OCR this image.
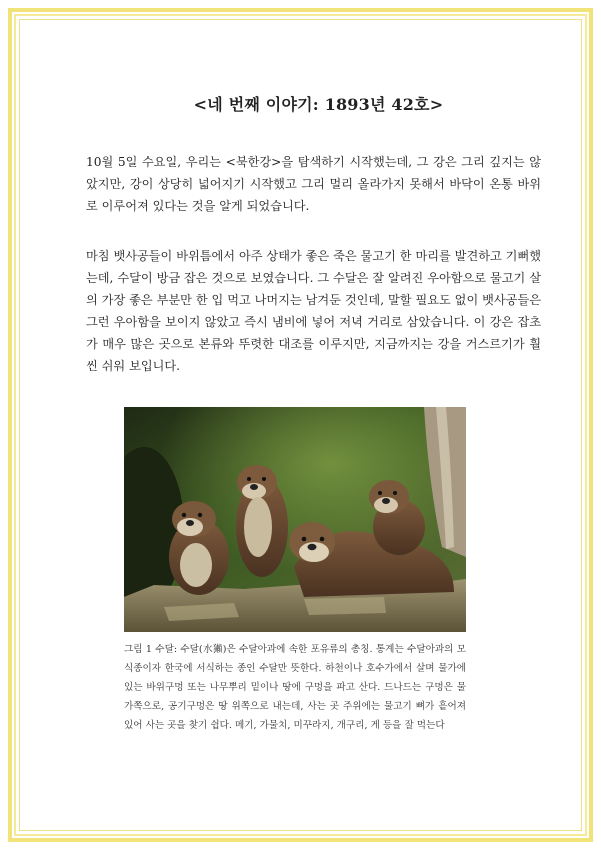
<네 번째 이야기: 1893년 42호>

10월 5일 수요일, 우리는 <북한강>을 탐색하기 시작했는데, 그 강은 그리 깊지는 않았지만, 강이 상당히 넓어지기 시작했고 그리 멀리 올라가지 못해서 바닥이 온통 바위로 이루어져 있다는 것을 알게 되었습니다.

마침 뱃사공들이 바위틈에서 아주 상태가 좋은 죽은 물고기 한 마리를 발견하고 기뻐했는데, 수달이 방금 잡은 것으로 보였습니다. 그 수달은 잘 알려진 우아함으로 물고기 살의 가장 좋은 부분만 한 입 먹고 나머지는 남겨둔 것인데, 말할 필요도 없이 뱃사공들은 그런 우아함을 보이지 않았고 즉시 냄비에 넣어 저녁 거리로 삼았습니다. 이 강은 잡초가 매우 많은 곳으로 본류와 뚜렷한 대조를 이루지만, 지금까지는 강을 거스르기가 훨씬 쉬워 보입니다.

그림 1 수달: 수달(水獺)은 수달아과에 속한 포유류의 총칭. 통계는 수달아과의 모식종이자 한국에 서식하는 종인 수달만 뜻한다. 하천이나 호수가에서 살며 물가에 있는 바위구멍 또는 나무뿌리 밑이나 땅에 구멍을 파고 산다. 드나드는 구멍은 물가쪽으로, 공기구멍은 땅 위쪽으로 내는데, 사는 곳 주위에는 물고기 뼈가 흩어져 있어 사는 곳을 찾기 쉽다. 메기, 가물치, 미꾸라지, 개구리, 게 등을 잘 먹는다
